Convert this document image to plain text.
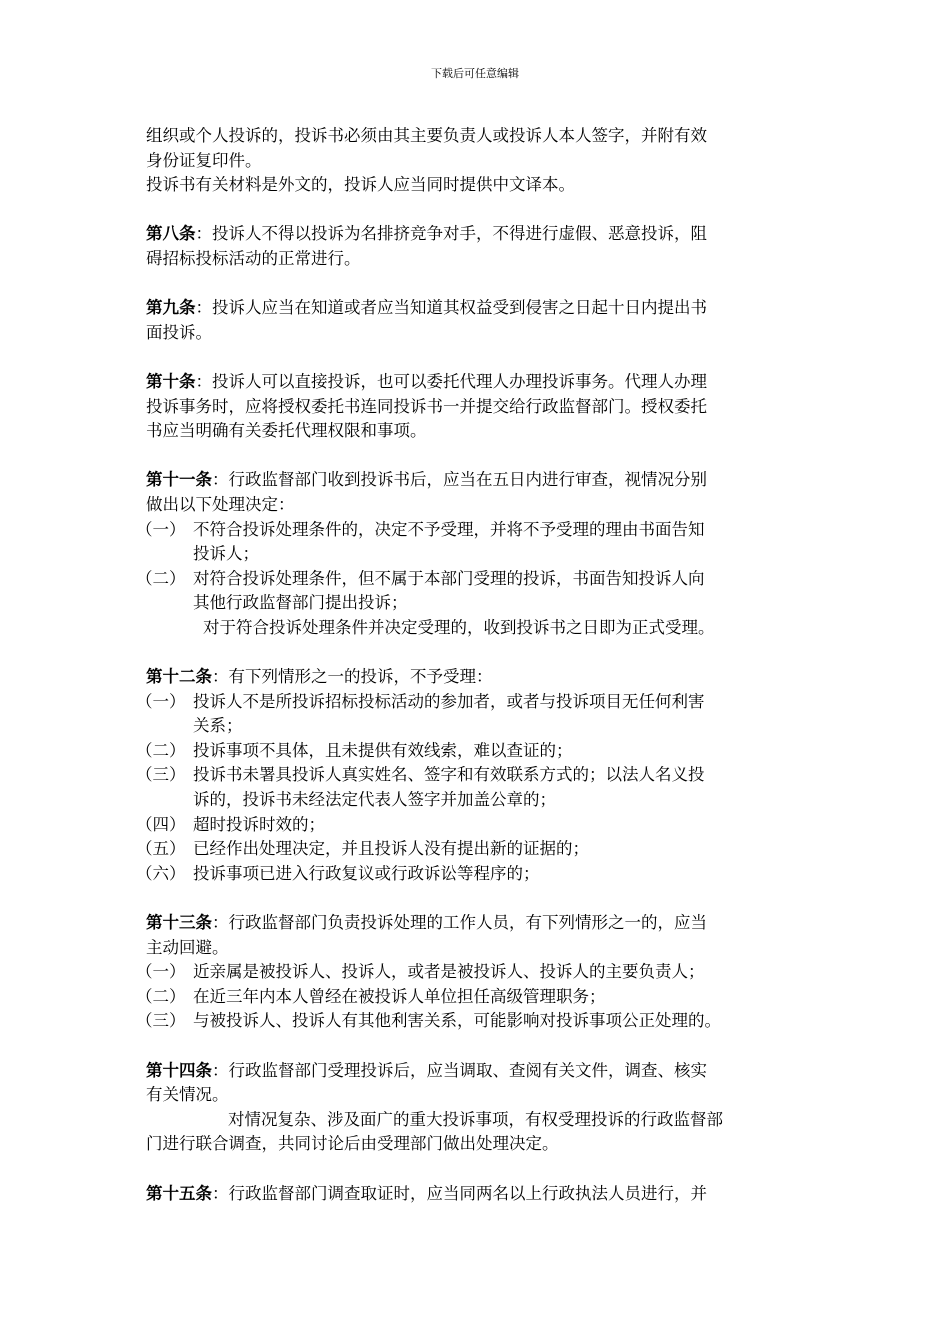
下载后可任意编辑

组织或个人投诉的，投诉书必须由其主要负责人或投诉人本人签字，并附有效

身份证复印件。

投诉书有关材料是外文的，投诉人应当同时提供中文译本。

第八条：投诉人不得以投诉为名排挤竞争对手，不得进行虚假、恶意投诉，阻

碍招标投标活动的正常进行。

第九条：投诉人应当在知道或者应当知道其权益受到侵害之日起十日内提出书

面投诉。

第十条：投诉人可以直接投诉，也可以委托代理人办理投诉事务。代理人办理

投诉事务时，应将授权委托书连同投诉书一并提交给行政监督部门。授权委托

书应当明确有关委托代理权限和事项。

第十一条：行政监督部门收到投诉书后，应当在五日内进行审查，视情况分别

做出以下处理决定：

（一） 不符合投诉处理条件的，决定不予受理，并将不予受理的理由书面告知
投诉人；

（二） 对符合投诉处理条件，但不属于本部门受理的投诉，书面告知投诉人向
其他行政监督部门提出投诉；

对于符合投诉处理条件并决定受理的，收到投诉书之日即为正式受理。

第十二条：有下列情形之一的投诉，不予受理：

（一） 投诉人不是所投诉招标投标活动的参加者，或者与投诉项目无任何利害
关系；

（二） 投诉事项不具体，且未提供有效线索，难以查证的；

（三） 投诉书未署具投诉人真实姓名、签字和有效联系方式的；以法人名义投
诉的，投诉书未经法定代表人签字并加盖公章的；

（四） 超时投诉时效的；

（五） 已经作出处理决定，并且投诉人没有提出新的证据的；

（六） 投诉事项已进入行政复议或行政诉讼等程序的；

第十三条：行政监督部门负责投诉处理的工作人员，有下列情形之一的，应当

主动回避。

（一） 近亲属是被投诉人、投诉人，或者是被投诉人、投诉人的主要负责人；

（二） 在近三年内本人曾经在被投诉人单位担任高级管理职务；

（三） 与被投诉人、投诉人有其他利害关系，可能影响对投诉事项公正处理的。

第十四条：行政监督部门受理投诉后，应当调取、查阅有关文件，调查、核实

有关情况。

对情况复杂、涉及面广的重大投诉事项，有权受理投诉的行政监督部

门进行联合调查，共同讨论后由受理部门做出处理决定。

第十五条：行政监督部门调查取证时，应当同两名以上行政执法人员进行，并
